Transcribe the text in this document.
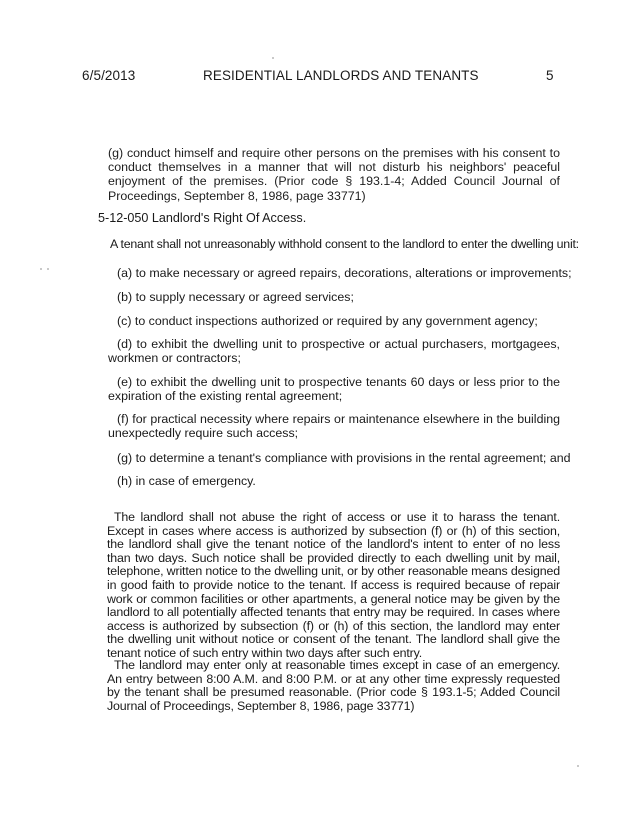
6/5/2013	RESIDENTIAL LANDLORDS AND TENANTS	5

(g) conduct himself and require other persons on the premises with his consent to conduct themselves in a manner that will not disturb his neighbors' peaceful enjoyment of the premises. (Prior code § 193.1-4; Added Council Journal of Proceedings, September 8, 1986, page 33771)

5-12-050 Landlord's Right Of Access.
A tenant shall not unreasonably withhold consent to the landlord to enter the dwelling unit:
(a) to make necessary or agreed repairs, decorations, alterations or improvements;
(b) to supply necessary or agreed services;
(c) to conduct inspections authorized or required by any government agency;
(d) to exhibit the dwelling unit to prospective or actual purchasers, mortgagees, workmen or contractors;
(e) to exhibit the dwelling unit to prospective tenants 60 days or less prior to the expiration of the existing rental agreement;
(f) for practical necessity where repairs or maintenance elsewhere in the building unexpectedly require such access;
(g) to determine a tenant's compliance with provisions in the rental agreement; and
(h) in case of emergency.
The landlord shall not abuse the right of access or use it to harass the tenant. Except in cases where access is authorized by subsection (f) or (h) of this section, the landlord shall give the tenant notice of the landlord's intent to enter of no less than two days. Such notice shall be provided directly to each dwelling unit by mail, telephone, written notice to the dwelling unit, or by other reasonable means designed in good faith to provide notice to the tenant. If access is required because of repair work or common facilities or other apartments, a general notice may be given by the landlord to all potentially affected tenants that entry may be required. In cases where access is authorized by subsection (f) or (h) of this section, the landlord may enter the dwelling unit without notice or consent of the tenant. The landlord shall give the tenant notice of such entry within two days after such entry.
The landlord may enter only at reasonable times except in case of an emergency. An entry between 8:00 A.M. and 8:00 P.M. or at any other time expressly requested by the tenant shall be presumed reasonable. (Prior code § 193.1-5; Added Council Journal of Proceedings, September 8, 1986, page 33771)
